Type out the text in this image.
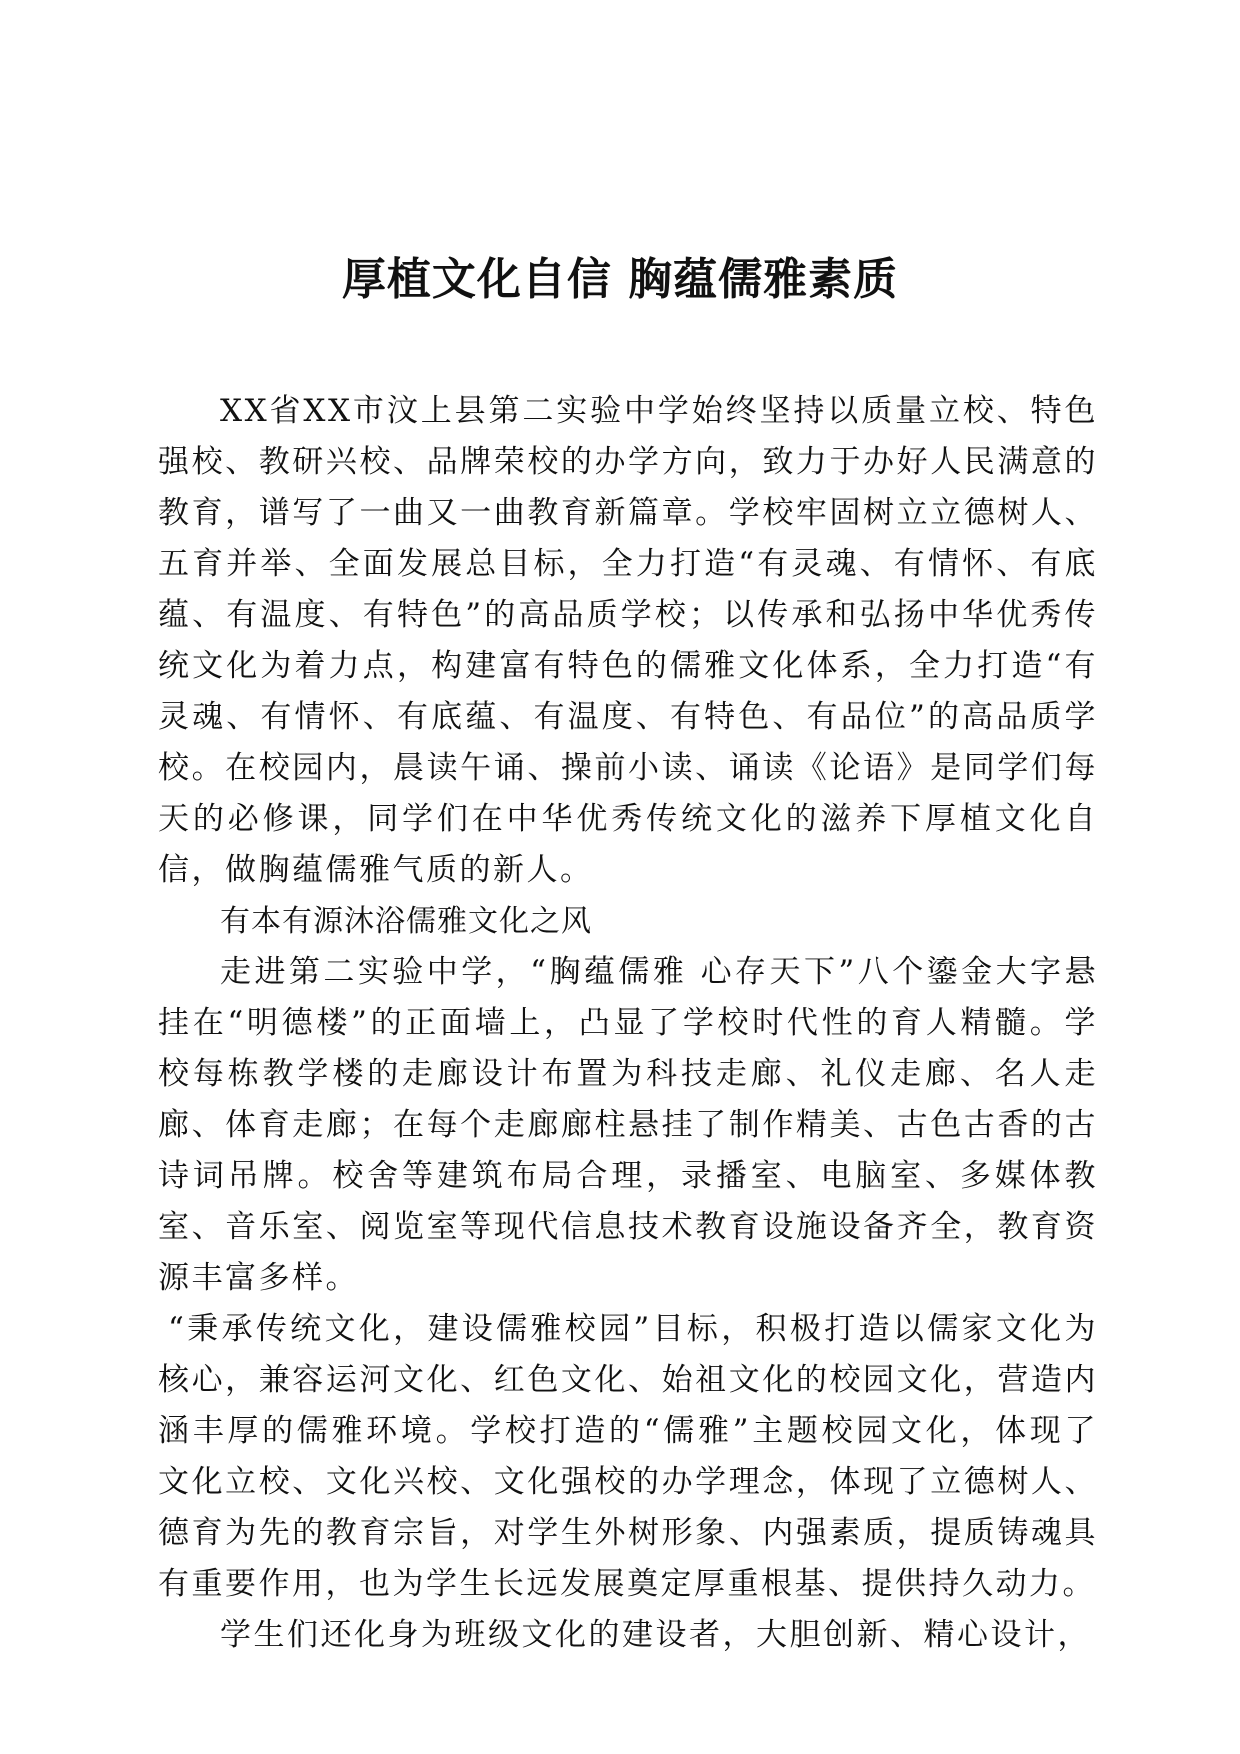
厚植文化自信 胸蕴儒雅素质

XX省XX市汶上县第二实验中学始终坚持以质量立校、特色强校、教研兴校、品牌荣校的办学方向，致力于办好人民满意的教育，谱写了一曲又一曲教育新篇章。学校牢固树立立德树人、五育并举、全面发展总目标，全力打造“有灵魂、有情怀、有底蕴、有温度、有特色”的高品质学校；以传承和弘扬中华优秀传统文化为着力点，构建富有特色的儒雅文化体系，全力打造“有灵魂、有情怀、有底蕴、有温度、有特色、有品位”的高品质学校。在校园内，晨读午诵、操前小读、诵读《论语》是同学们每天的必修课，同学们在中华优秀传统文化的滋养下厚植文化自信，做胸蕴儒雅气质的新人。

有本有源沐浴儒雅文化之风

走进第二实验中学，“胸蕴儒雅 心存天下”八个鎏金大字悬挂在“明德楼”的正面墙上，凸显了学校时代性的育人精髓。学校每栋教学楼的走廊设计布置为科技走廊、礼仪走廊、名人走廊、体育走廊；在每个走廊廊柱悬挂了制作精美、古色古香的古诗词吊牌。校舍等建筑布局合理，录播室、电脑室、多媒体教室、音乐室、阅览室等现代信息技术教育设施设备齐全，教育资源丰富多样。

“秉承传统文化，建设儒雅校园”目标，积极打造以儒家文化为核心，兼容运河文化、红色文化、始祖文化的校园文化，营造内涵丰厚的儒雅环境。学校打造的“儒雅”主题校园文化，体现了文化立校、文化兴校、文化强校的办学理念，体现了立德树人、德育为先的教育宗旨，对学生外树形象、内强素质，提质铸魂具有重要作用，也为学生长远发展奠定厚重根基、提供持久动力。

学生们还化身为班级文化的建设者，大胆创新、精心设计，
